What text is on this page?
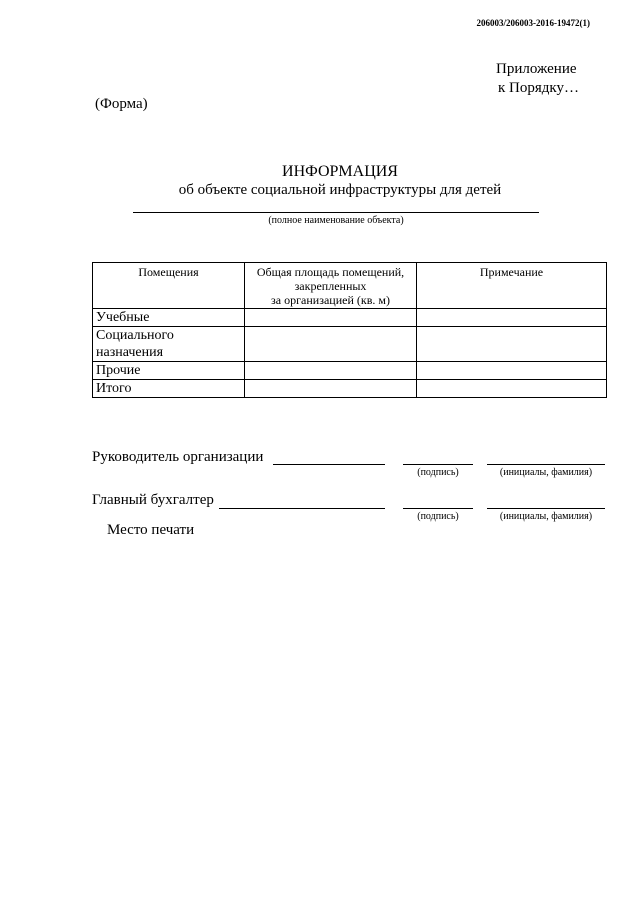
206003/206003-2016-19472(1)
Приложение
к Порядку…
(Форма)
ИНФОРМАЦИЯ
об объекте социальной инфраструктуры для детей
(полное наименование объекта)
Помещения	Общая площадь помещений,
закрепленных
за организацией (кв. м)	Примечание
Учебные		

Социального
назначения		

Прочие		
Итого		
Руководитель организации
(подпись)	(инициалы, фамилия)
Главный бухгалтер
(подпись)	(инициалы, фамилия)
Место печати
